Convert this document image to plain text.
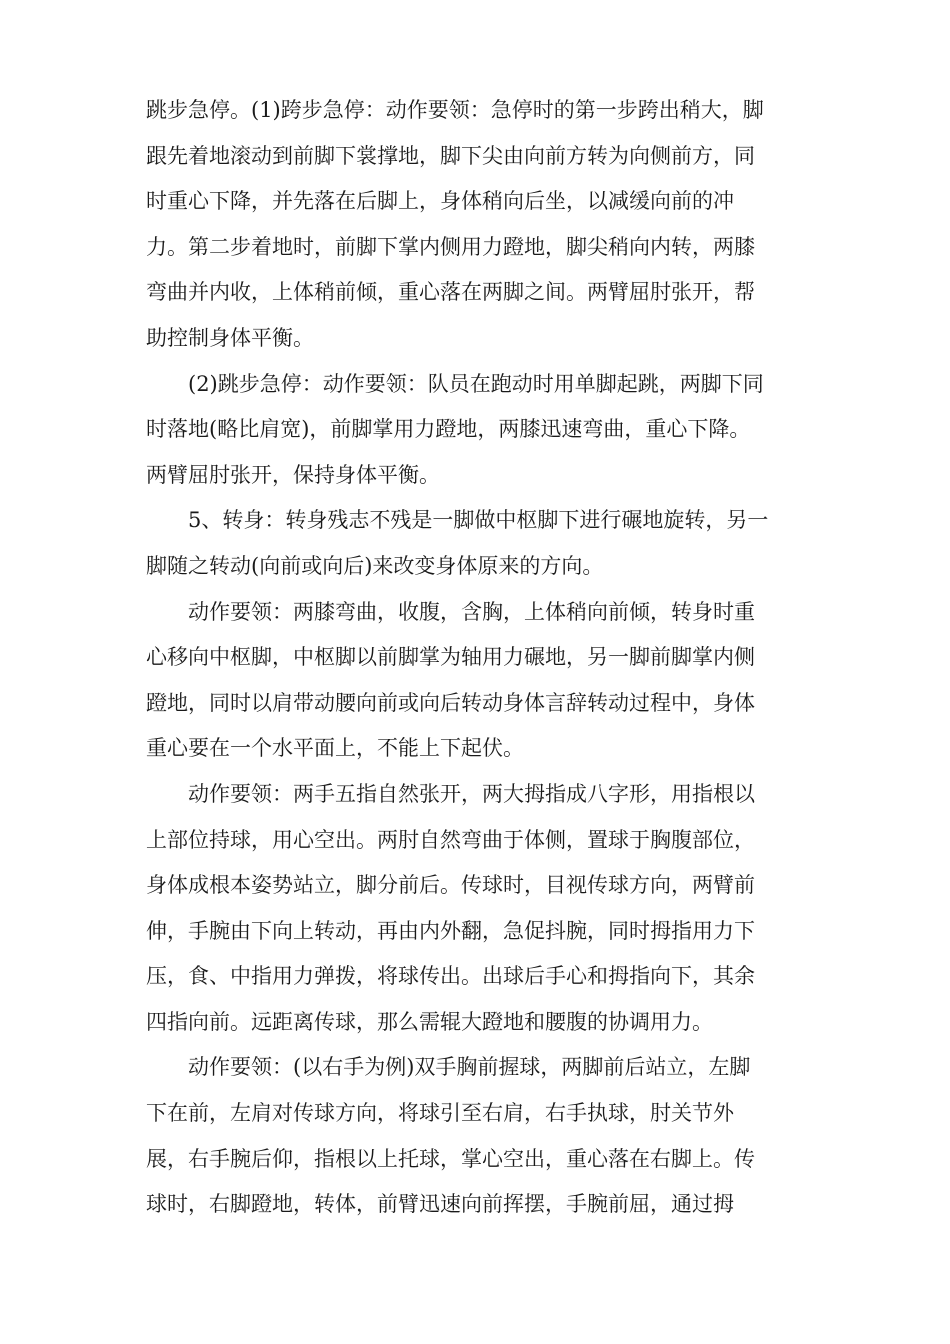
跳步急停。(1)跨步急停：动作要领：急停时的第一步跨出稍大，脚
跟先着地滚动到前脚下裳撑地，脚下尖由向前方转为向侧前方，同
时重心下降，并先落在后脚上，身体稍向后坐，以减缓向前的冲
力。第二步着地时，前脚下掌内侧用力蹬地，脚尖稍向内转，两膝
弯曲并内收，上体稍前倾，重心落在两脚之间。两臂屈肘张开，帮
助控制身体平衡。
(2)跳步急停：动作要领：队员在跑动时用单脚起跳，两脚下同
时落地(略比肩宽)，前脚掌用力蹬地，两膝迅速弯曲，重心下降。
两臂屈肘张开，保持身体平衡。
5、转身：转身残志不残是一脚做中枢脚下进行碾地旋转，另一
脚随之转动(向前或向后)来改变身体原来的方向。
动作要领：两膝弯曲，收腹，含胸，上体稍向前倾，转身时重
心移向中枢脚，中枢脚以前脚掌为轴用力碾地，另一脚前脚掌内侧
蹬地，同时以肩带动腰向前或向后转动身体言辞转动过程中，身体
重心要在一个水平面上，不能上下起伏。
动作要领：两手五指自然张开，两大拇指成八字形，用指根以
上部位持球，用心空出。两肘自然弯曲于体侧，置球于胸腹部位，
身体成根本姿势站立，脚分前后。传球时，目视传球方向，两臂前
伸，手腕由下向上转动，再由内外翻，急促抖腕，同时拇指用力下
压，食、中指用力弹拨，将球传出。出球后手心和拇指向下，其余
四指向前。远距离传球，那么需辊大蹬地和腰腹的协调用力。
动作要领：(以右手为例)双手胸前握球，两脚前后站立，左脚
下在前，左肩对传球方向，将球引至右肩，右手执球，肘关节外
展，右手腕后仰，指根以上托球，掌心空出，重心落在右脚上。传
球时，右脚蹬地，转体，前臂迅速向前挥摆，手腕前屈，通过拇
